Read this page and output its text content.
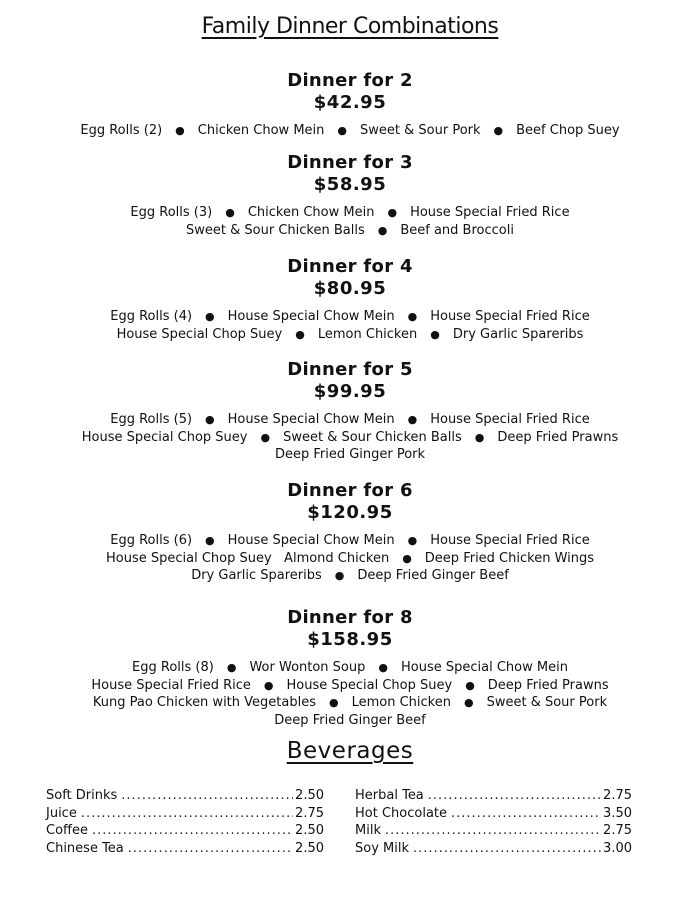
Family Dinner Combinations
Dinner for 2
$42.95
Egg Rolls (2) ● Chicken Chow Mein ● Sweet & Sour Pork ● Beef Chop Suey
Dinner for 3
$58.95
Egg Rolls (3) ● Chicken Chow Mein ● House Special Fried Rice
Sweet & Sour Chicken Balls ● Beef and Broccoli
Dinner for 4
$80.95
Egg Rolls (4) ● House Special Chow Mein ● House Special Fried Rice
House Special Chop Suey ● Lemon Chicken ● Dry Garlic Spareribs
Dinner for 5
$99.95
Egg Rolls (5) ● House Special Chow Mein ● House Special Fried Rice
House Special Chop Suey ● Sweet & Sour Chicken Balls ● Deep Fried Prawns
Deep Fried Ginger Pork
Dinner for 6
$120.95
Egg Rolls (6) ● House Special Chow Mein ● House Special Fried Rice
House Special Chop Suey   Almond Chicken ● Deep Fried Chicken Wings
Dry Garlic Spareribs ● Deep Fried Ginger Beef
Dinner for 8
$158.95
Egg Rolls (8) ● Wor Wonton Soup ● House Special Chow Mein
House Special Fried Rice ● House Special Chop Suey ● Deep Fried Prawns
Kung Pao Chicken with Vegetables ● Lemon Chicken ● Sweet & Sour Pork
Deep Fried Ginger Beef
Beverages
Soft Drinks .....	2.50
Juice .....	2.75
Coffee .....	2.50
Chinese Tea .....	2.50
Herbal Tea .....	2.75
Hot Chocolate .....	3.50
Milk .....	2.75
Soy Milk .....	3.00
